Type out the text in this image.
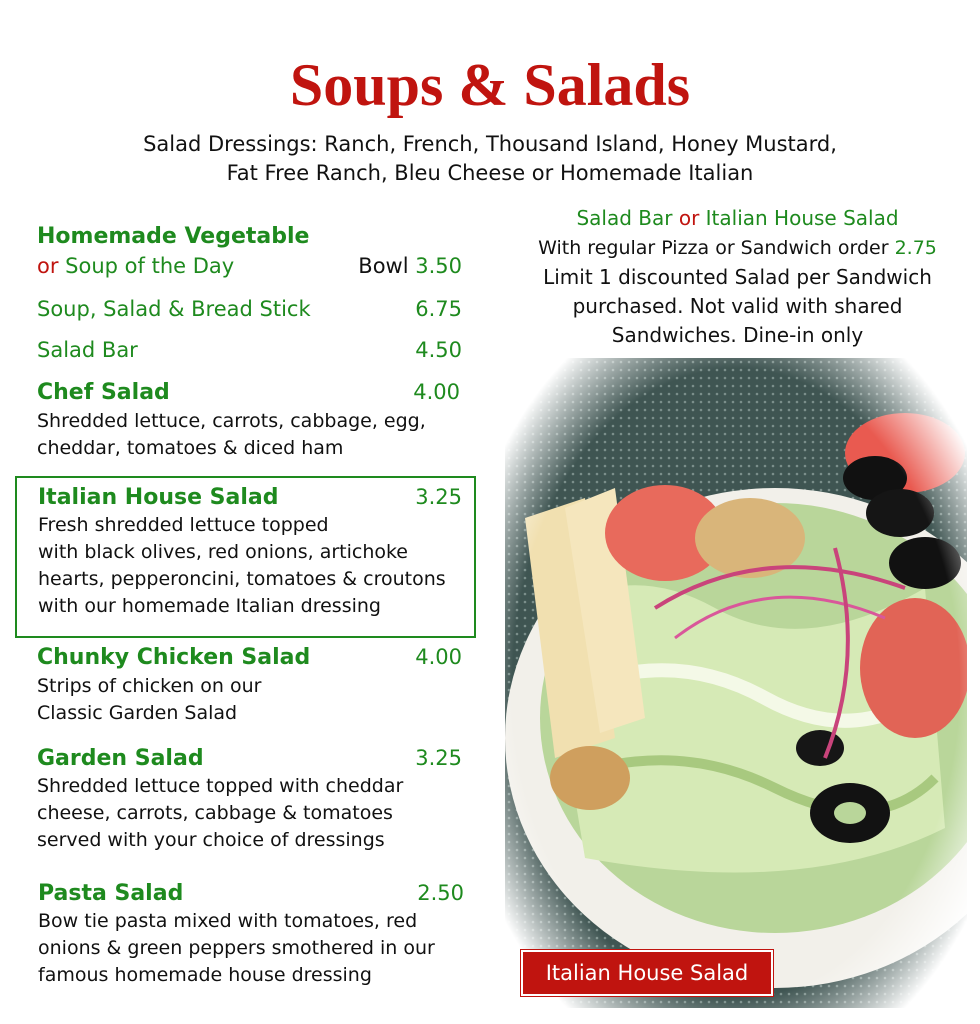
Soups & Salads
Salad Dressings: Ranch, French, Thousand Island, Honey Mustard,
Fat Free Ranch, Bleu Cheese or Homemade Italian
Homemade Vegetable
or Soup of the Day	Bowl 3.50
Soup, Salad & Bread Stick	6.75
Salad Bar	4.50
Chef Salad	4.00
Shredded lettuce, carrots, cabbage, egg,
cheddar, tomatoes & diced ham
Italian House Salad	3.25
Fresh shredded lettuce topped
with black olives, red onions, artichoke
hearts, pepperoncini, tomatoes & croutons
with our homemade Italian dressing
Chunky Chicken Salad	4.00
Strips of chicken on our
Classic Garden Salad
Garden Salad	3.25
Shredded lettuce topped with cheddar
cheese, carrots, cabbage & tomatoes
served with your choice of dressings
Pasta Salad	2.50
Bow tie pasta mixed with tomatoes, red
onions & green peppers smothered in our
famous homemade house dressing
Salad Bar or Italian House Salad
With regular Pizza or Sandwich order 2.75
Limit 1 discounted Salad per Sandwich
purchased. Not valid with shared
Sandwiches. Dine-in only
Italian House Salad
